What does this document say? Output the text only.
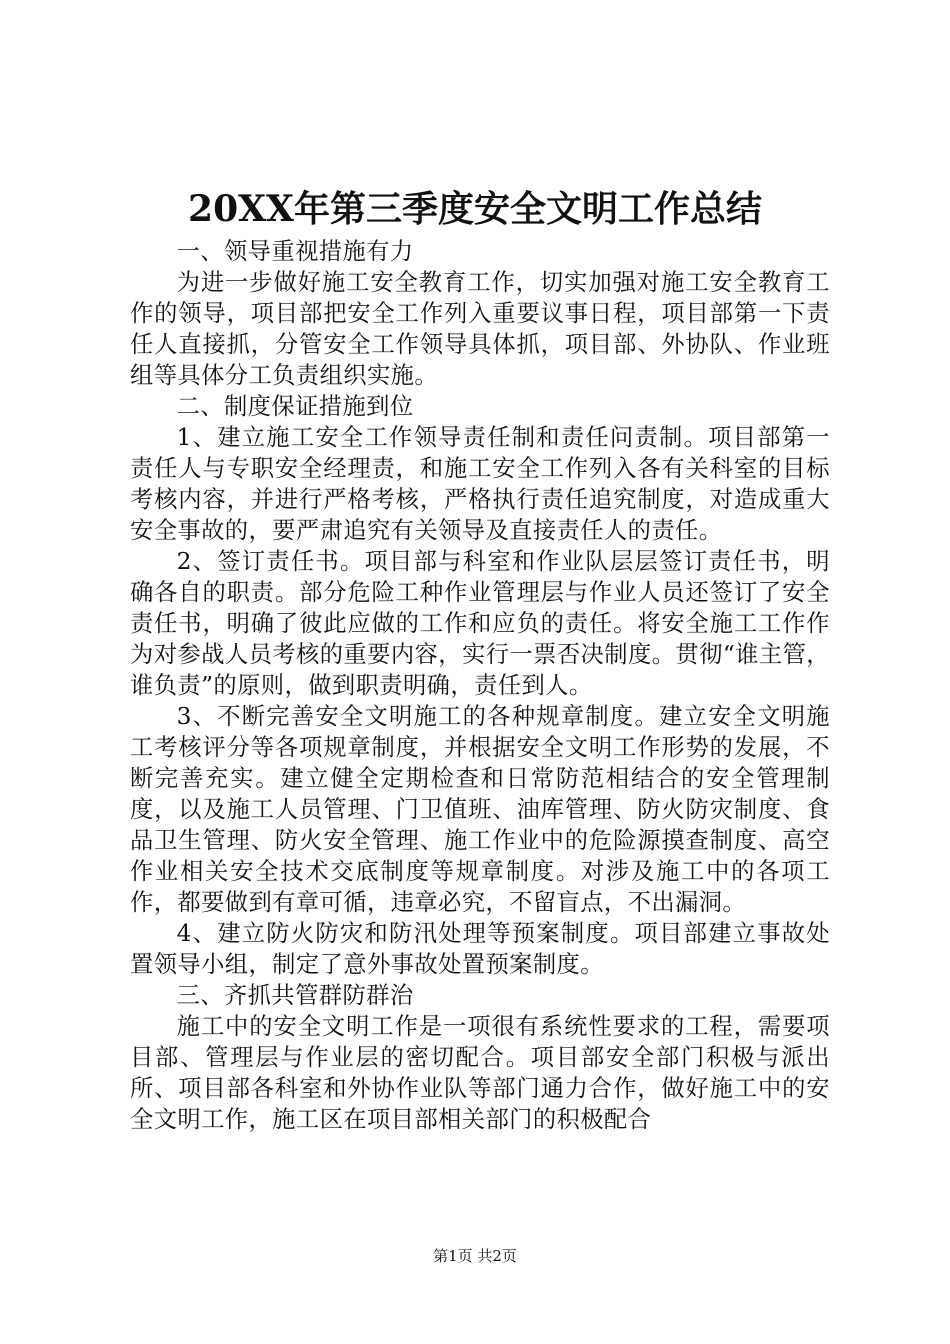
20XX年第三季度安全文明工作总结

一、领导重视措施有力

为进一步做好施工安全教育工作，切实加强对施工安全教育工作的领导，项目部把安全工作列入重要议事日程，项目部第一下责任人直接抓，分管安全工作领导具体抓，项目部、外协队、作业班组等具体分工负责组织实施。

二、制度保证措施到位

1、建立施工安全工作领导责任制和责任问责制。项目部第一责任人与专职安全经理责，和施工安全工作列入各有关科室的目标考核内容，并进行严格考核，严格执行责任追究制度，对造成重大安全事故的，要严肃追究有关领导及直接责任人的责任。

2、签订责任书。项目部与科室和作业队层层签订责任书，明确各自的职责。部分危险工种作业管理层与作业人员还签订了安全责任书，明确了彼此应做的工作和应负的责任。将安全施工工作作为对参战人员考核的重要内容，实行一票否决制度。贯彻“谁主管，谁负责”的原则，做到职责明确，责任到人。

3、不断完善安全文明施工的各种规章制度。建立安全文明施工考核评分等各项规章制度，并根据安全文明工作形势的发展，不断完善充实。建立健全定期检查和日常防范相结合的安全管理制度，以及施工人员管理、门卫值班、油库管理、防火防灾制度、食品卫生管理、防火安全管理、施工作业中的危险源摸查制度、高空作业相关安全技术交底制度等规章制度。对涉及施工中的各项工作，都要做到有章可循，违章必究，不留盲点，不出漏洞。

4、建立防火防灾和防汛处理等预案制度。项目部建立事故处置领导小组，制定了意外事故处置预案制度。

三、齐抓共管群防群治

施工中的安全文明工作是一项很有系统性要求的工程，需要项目部、管理层与作业层的密切配合。项目部安全部门积极与派出所、项目部各科室和外协作业队等部门通力合作，做好施工中的安全文明工作，施工区在项目部相关部门的积极配合

第1页 共2页
